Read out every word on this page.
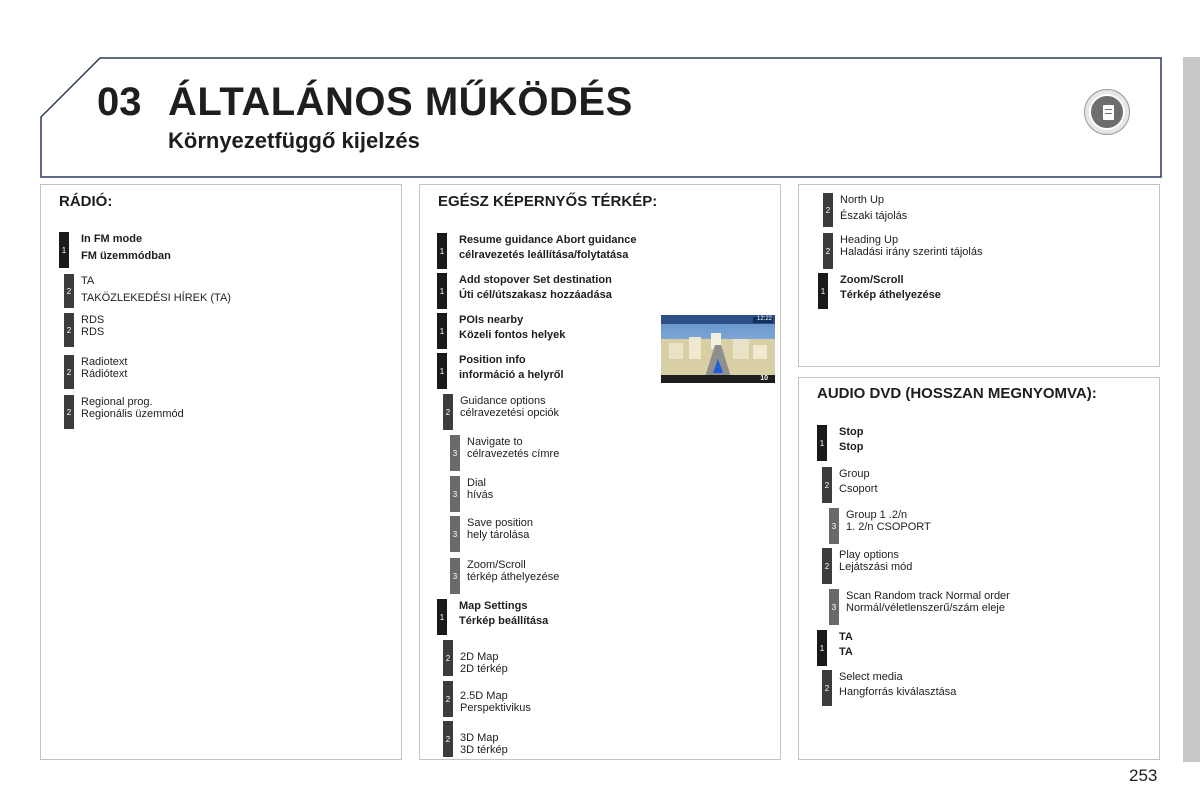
03 ÁLTALÁNOS MŰKÖDÉS
Környezetfüggő kijelzés
RÁDIÓ:
1
In FM mode
FM üzemmódban
2
TA
TAKÖZLEKEDÉSI HÍREK (TA)
2
RDS
RDS
2
Radiotext
Rádiótext
2
Regional prog.
Regionális üzemmód
EGÉSZ KÉPERNYŐS TÉRKÉP:
1
Resume guidance Abort guidance
célravezetés leállítása/folytatása
1
Add stopover Set destination
Úti cél/útszakasz hozzáadása
1
POIs nearby
Közeli fontos helyek
1
Position info
információ a helyről
2
Guidance options
célravezetési opciók
3
Navigate to
célravezetés címre
3
Dial
hívás
3
Save position
hely tárolása
3
Zoom/Scroll
térkép áthelyezése
1
Map Settings
Térkép beállítása
2 2D Map
2D térkép
2 2.5D Map
Perspektivikus
2 3D Map
3D térkép
12:22
10
2
North Up
Északi tájolás
2
Heading Up
Haladási irány szerinti tájolás
1
Zoom/Scroll
Térkép áthelyezése
AUDIO DVD (HOSSZAN MEGNYOMVA):
1
Stop
Stop
2
Group
Csoport
3
Group 1 .2/n
1. 2/n CSOPORT
2
Play options
Lejátszási mód
3
Scan Random track Normal order
Normál/véletlenszerű/szám eleje
1
TA
TA
2
Select media
Hangforrás kiválasztása
253
